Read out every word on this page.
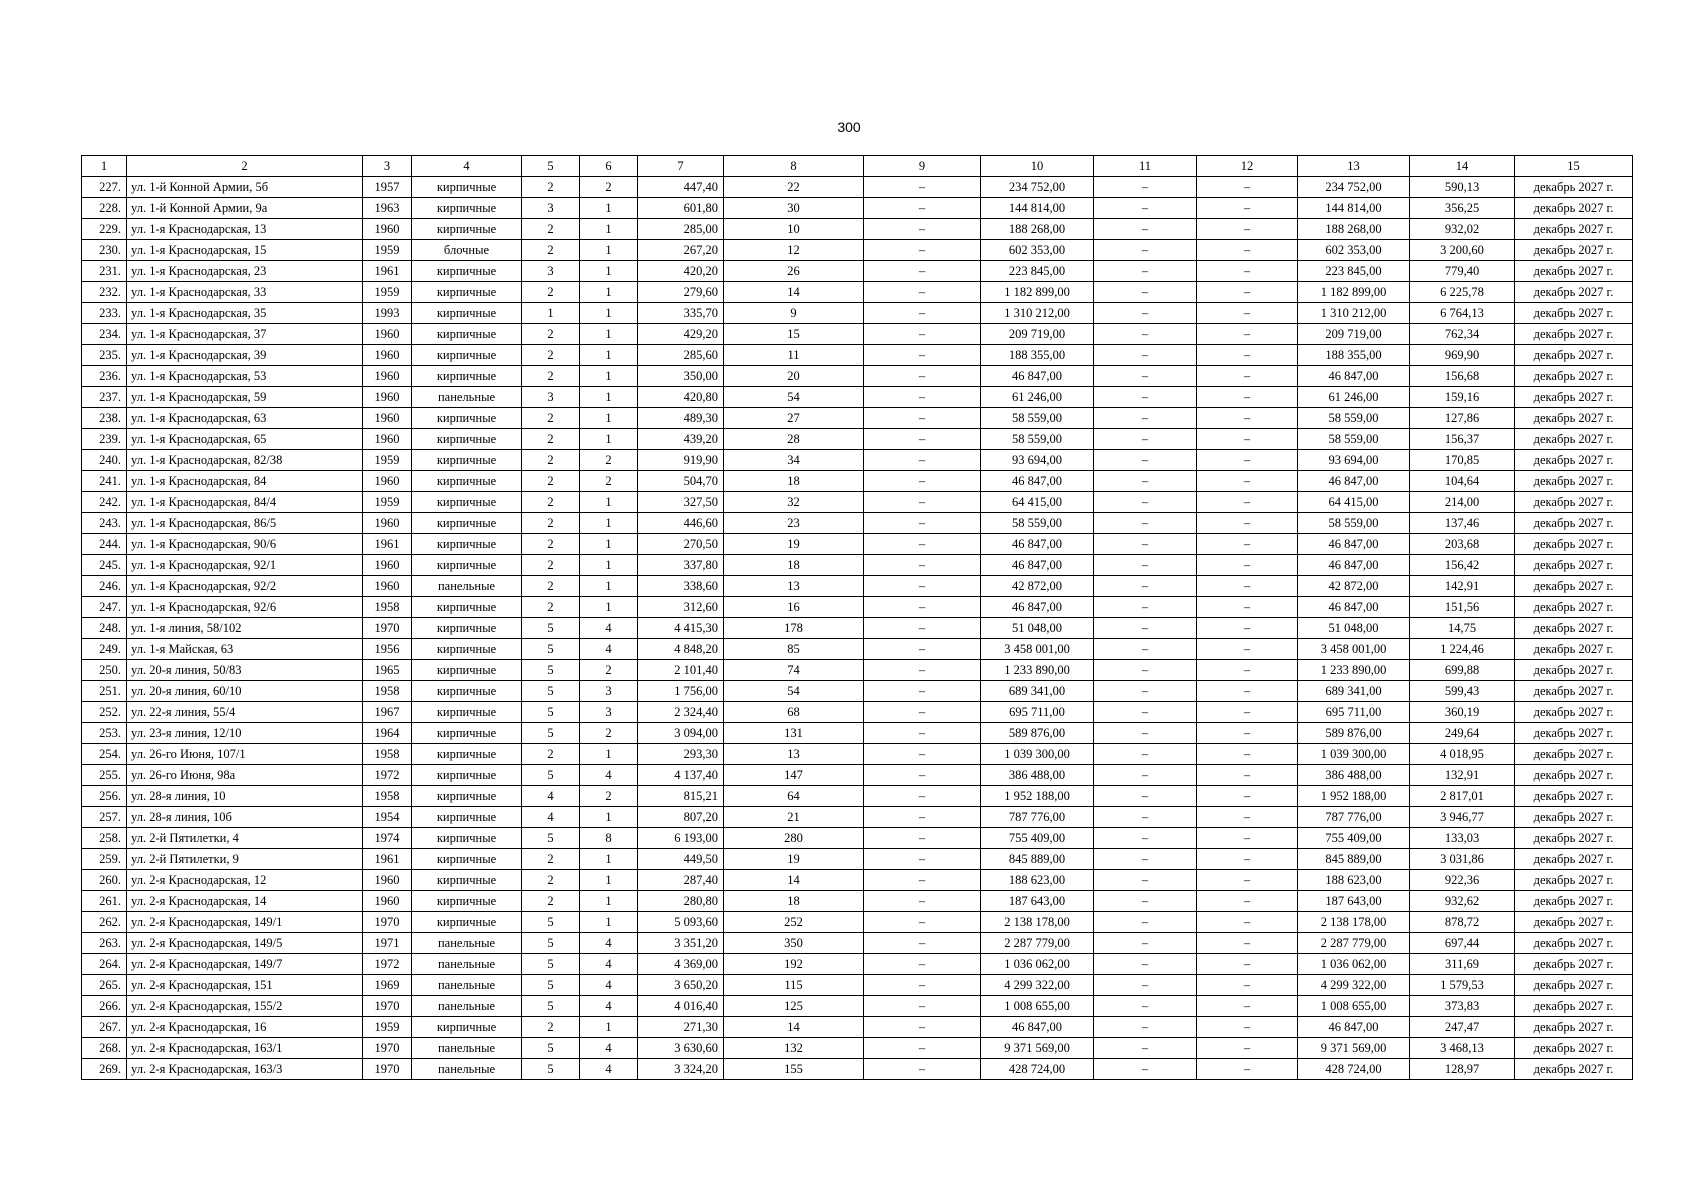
300
1	2	3	4	5	6	7	8	9	10	11	12	13	14	15
227.	ул. 1-й Конной Армии, 5б	1957	кирпичные	2	2	447,40	22	–	234 752,00	–	–	234 752,00	590,13	декабрь 2027 г.
228.	ул. 1-й Конной Армии, 9а	1963	кирпичные	3	1	601,80	30	–	144 814,00	–	–	144 814,00	356,25	декабрь 2027 г.
229.	ул. 1-я Краснодарская, 13	1960	кирпичные	2	1	285,00	10	–	188 268,00	–	–	188 268,00	932,02	декабрь 2027 г.
230.	ул. 1-я Краснодарская, 15	1959	блочные	2	1	267,20	12	–	602 353,00	–	–	602 353,00	3 200,60	декабрь 2027 г.
231.	ул. 1-я Краснодарская, 23	1961	кирпичные	3	1	420,20	26	–	223 845,00	–	–	223 845,00	779,40	декабрь 2027 г.
232.	ул. 1-я Краснодарская, 33	1959	кирпичные	2	1	279,60	14	–	1 182 899,00	–	–	1 182 899,00	6 225,78	декабрь 2027 г.
233.	ул. 1-я Краснодарская, 35	1993	кирпичные	1	1	335,70	9	–	1 310 212,00	–	–	1 310 212,00	6 764,13	декабрь 2027 г.
234.	ул. 1-я Краснодарская, 37	1960	кирпичные	2	1	429,20	15	–	209 719,00	–	–	209 719,00	762,34	декабрь 2027 г.
235.	ул. 1-я Краснодарская, 39	1960	кирпичные	2	1	285,60	11	–	188 355,00	–	–	188 355,00	969,90	декабрь 2027 г.
236.	ул. 1-я Краснодарская, 53	1960	кирпичные	2	1	350,00	20	–	46 847,00	–	–	46 847,00	156,68	декабрь 2027 г.
237.	ул. 1-я Краснодарская, 59	1960	панельные	3	1	420,80	54	–	61 246,00	–	–	61 246,00	159,16	декабрь 2027 г.
238.	ул. 1-я Краснодарская, 63	1960	кирпичные	2	1	489,30	27	–	58 559,00	–	–	58 559,00	127,86	декабрь 2027 г.
239.	ул. 1-я Краснодарская, 65	1960	кирпичные	2	1	439,20	28	–	58 559,00	–	–	58 559,00	156,37	декабрь 2027 г.
240.	ул. 1-я Краснодарская, 82/38	1959	кирпичные	2	2	919,90	34	–	93 694,00	–	–	93 694,00	170,85	декабрь 2027 г.
241.	ул. 1-я Краснодарская, 84	1960	кирпичные	2	2	504,70	18	–	46 847,00	–	–	46 847,00	104,64	декабрь 2027 г.
242.	ул. 1-я Краснодарская, 84/4	1959	кирпичные	2	1	327,50	32	–	64 415,00	–	–	64 415,00	214,00	декабрь 2027 г.
243.	ул. 1-я Краснодарская, 86/5	1960	кирпичные	2	1	446,60	23	–	58 559,00	–	–	58 559,00	137,46	декабрь 2027 г.
244.	ул. 1-я Краснодарская, 90/6	1961	кирпичные	2	1	270,50	19	–	46 847,00	–	–	46 847,00	203,68	декабрь 2027 г.
245.	ул. 1-я Краснодарская, 92/1	1960	кирпичные	2	1	337,80	18	–	46 847,00	–	–	46 847,00	156,42	декабрь 2027 г.
246.	ул. 1-я Краснодарская, 92/2	1960	панельные	2	1	338,60	13	–	42 872,00	–	–	42 872,00	142,91	декабрь 2027 г.
247.	ул. 1-я Краснодарская, 92/6	1958	кирпичные	2	1	312,60	16	–	46 847,00	–	–	46 847,00	151,56	декабрь 2027 г.
248.	ул. 1-я линия, 58/102	1970	кирпичные	5	4	4 415,30	178	–	51 048,00	–	–	51 048,00	14,75	декабрь 2027 г.
249.	ул. 1-я Майская, 63	1956	кирпичные	5	4	4 848,20	85	–	3 458 001,00	–	–	3 458 001,00	1 224,46	декабрь 2027 г.
250.	ул. 20-я линия, 50/83	1965	кирпичные	5	2	2 101,40	74	–	1 233 890,00	–	–	1 233 890,00	699,88	декабрь 2027 г.
251.	ул. 20-я линия, 60/10	1958	кирпичные	5	3	1 756,00	54	–	689 341,00	–	–	689 341,00	599,43	декабрь 2027 г.
252.	ул. 22-я линия, 55/4	1967	кирпичные	5	3	2 324,40	68	–	695 711,00	–	–	695 711,00	360,19	декабрь 2027 г.
253.	ул. 23-я линия, 12/10	1964	кирпичные	5	2	3 094,00	131	–	589 876,00	–	–	589 876,00	249,64	декабрь 2027 г.
254.	ул. 26-го Июня, 107/1	1958	кирпичные	2	1	293,30	13	–	1 039 300,00	–	–	1 039 300,00	4 018,95	декабрь 2027 г.
255.	ул. 26-го Июня, 98а	1972	кирпичные	5	4	4 137,40	147	–	386 488,00	–	–	386 488,00	132,91	декабрь 2027 г.
256.	ул. 28-я линия, 10	1958	кирпичные	4	2	815,21	64	–	1 952 188,00	–	–	1 952 188,00	2 817,01	декабрь 2027 г.
257.	ул. 28-я линия, 10б	1954	кирпичные	4	1	807,20	21	–	787 776,00	–	–	787 776,00	3 946,77	декабрь 2027 г.
258.	ул. 2-й Пятилетки, 4	1974	кирпичные	5	8	6 193,00	280	–	755 409,00	–	–	755 409,00	133,03	декабрь 2027 г.
259.	ул. 2-й Пятилетки, 9	1961	кирпичные	2	1	449,50	19	–	845 889,00	–	–	845 889,00	3 031,86	декабрь 2027 г.
260.	ул. 2-я Краснодарская, 12	1960	кирпичные	2	1	287,40	14	–	188 623,00	–	–	188 623,00	922,36	декабрь 2027 г.
261.	ул. 2-я Краснодарская, 14	1960	кирпичные	2	1	280,80	18	–	187 643,00	–	–	187 643,00	932,62	декабрь 2027 г.
262.	ул. 2-я Краснодарская, 149/1	1970	кирпичные	5	1	5 093,60	252	–	2 138 178,00	–	–	2 138 178,00	878,72	декабрь 2027 г.
263.	ул. 2-я Краснодарская, 149/5	1971	панельные	5	4	3 351,20	350	–	2 287 779,00	–	–	2 287 779,00	697,44	декабрь 2027 г.
264.	ул. 2-я Краснодарская, 149/7	1972	панельные	5	4	4 369,00	192	–	1 036 062,00	–	–	1 036 062,00	311,69	декабрь 2027 г.
265.	ул. 2-я Краснодарская, 151	1969	панельные	5	4	3 650,20	115	–	4 299 322,00	–	–	4 299 322,00	1 579,53	декабрь 2027 г.
266.	ул. 2-я Краснодарская, 155/2	1970	панельные	5	4	4 016,40	125	–	1 008 655,00	–	–	1 008 655,00	373,83	декабрь 2027 г.
267.	ул. 2-я Краснодарская, 16	1959	кирпичные	2	1	271,30	14	–	46 847,00	–	–	46 847,00	247,47	декабрь 2027 г.
268.	ул. 2-я Краснодарская, 163/1	1970	панельные	5	4	3 630,60	132	–	9 371 569,00	–	–	9 371 569,00	3 468,13	декабрь 2027 г.
269.	ул. 2-я Краснодарская, 163/3	1970	панельные	5	4	3 324,20	155	–	428 724,00	–	–	428 724,00	128,97	декабрь 2027 г.
